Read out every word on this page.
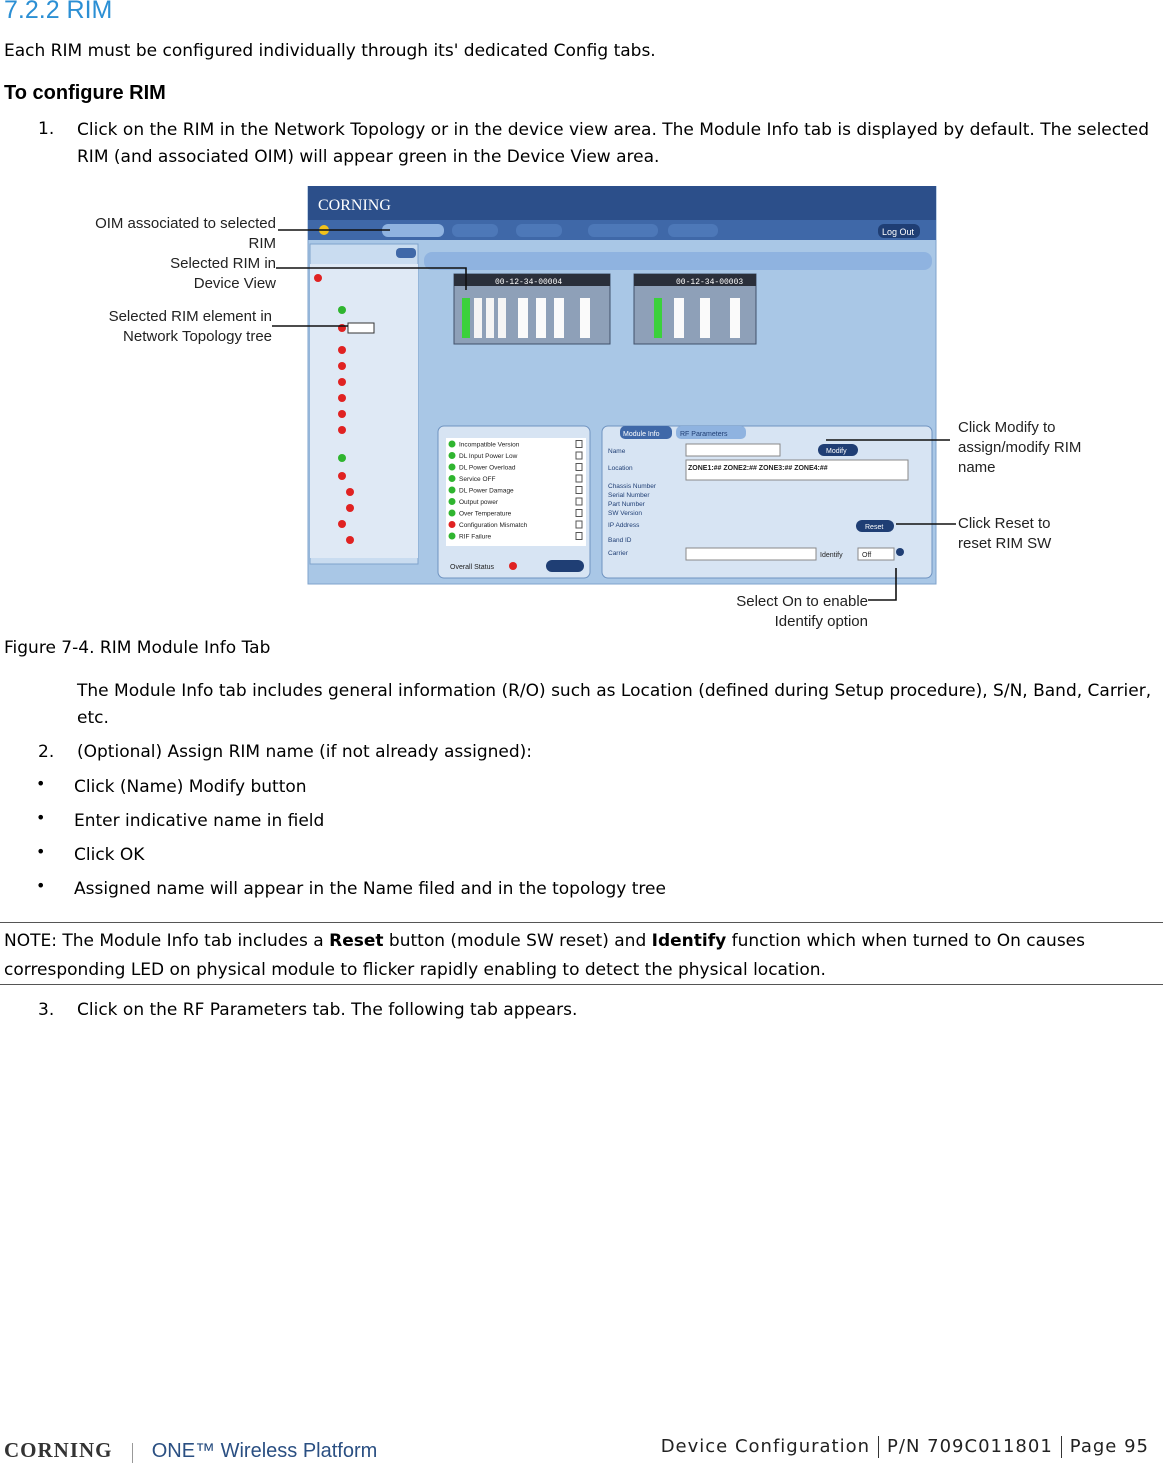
7.2.2 RIM
Each RIM must be configured individually through its' dedicated Config tabs.
To configure RIM
1. Click on the RIM in the Network Topology or in the device view area. The Module Info tab is displayed by default. The selected RIM (and associated OIM) will appear green in the Device View area.
CORNING
Log Out
00-12-34-00004	00-12-34-00003
Incompatible Version
DL Input Power Low
DL Power Overload
Service OFF
DL Power Damage
Output power
Over Temperature
Configuration Mismatch
RIF Failure
Overall Status
Module Info	RF Parameters
Name
Location
Chassis Number
Serial Number
Part Number
SW Version
IP Address
Band ID
Carrier
ZONE1:## ZONE2:## ZONE3:## ZONE4:##
Modify
Reset
Identify	Off
OIM associated to selected RIM
Selected RIM in Device View
Selected RIM element in Network Topology tree
Click Modify to assign/modify RIM name
Click Reset to reset RIM SW
Select On to enable Identify option
Figure 7-4. RIM Module Info Tab
The Module Info tab includes general information (R/O) such as Location (defined during Setup procedure), S/N, Band, Carrier, etc.
2. (Optional) Assign RIM name (if not already assigned):
• Click (Name) Modify button
• Enter indicative name in field
• Click OK
• Assigned name will appear in the Name filed and in the topology tree
NOTE: The Module Info tab includes a Reset button (module SW reset) and Identify function which when turned to On causes corresponding LED on physical module to flicker rapidly enabling to detect the physical location.
3. Click on the RF Parameters tab. The following tab appears.
CORNING ONE™ Wireless Platform	Device Configuration P/N 709C011801 Page 95
